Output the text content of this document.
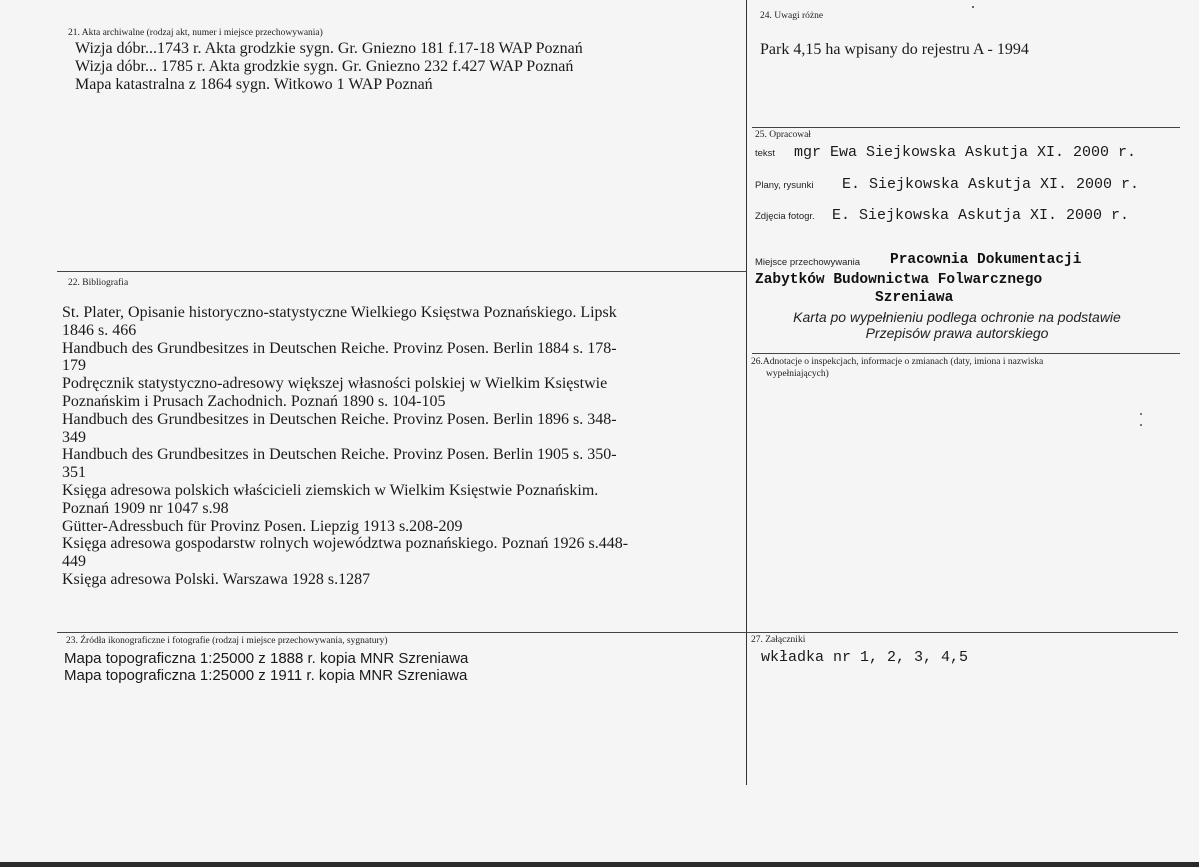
21. Akta archiwalne (rodzaj akt, numer i miejsce przechowywania)
Wizja dóbr...1743 r. Akta grodzkie sygn. Gr. Gniezno 181 f.17-18 WAP Poznań
Wizja dóbr... 1785 r. Akta grodzkie sygn. Gr. Gniezno 232 f.427 WAP Poznań
Mapa katastralna z 1864 sygn. Witkowo 1 WAP Poznań
22. Bibliografia
St. Plater, Opisanie historyczno-statystyczne Wielkiego Księstwa Poznańskiego. Lipsk
1846 s. 466
Handbuch des Grundbesitzes in Deutschen Reiche. Provinz Posen. Berlin 1884 s. 178-
179
Podręcznik statystyczno-adresowy większej własności polskiej w Wielkim Księstwie
Poznańskim i Prusach Zachodnich. Poznań 1890 s. 104-105
Handbuch des Grundbesitzes in Deutschen Reiche. Provinz Posen. Berlin 1896 s. 348-
349
Handbuch des Grundbesitzes in Deutschen Reiche. Provinz Posen. Berlin 1905 s. 350-
351
Księga adresowa polskich właścicieli ziemskich w Wielkim Księstwie Poznańskim.
Poznań 1909 nr 1047 s.98
Gütter-Adressbuch für Provinz Posen. Liepzig 1913 s.208-209
Księga adresowa gospodarstw rolnych województwa poznańskiego. Poznań 1926 s.448-
449
Księga adresowa Polski. Warszawa 1928 s.1287
23. Źródła ikonograficzne i fotografie (rodzaj i miejsce przechowywania, sygnatury)
Mapa topograficzna 1:25000 z 1888 r. kopia MNR Szreniawa
Mapa topograficzna 1:25000 z 1911 r. kopia MNR Szreniawa
24. Uwagi różne
Park 4,15 ha wpisany do rejestru A - 1994
25. Opracował
tekst mgr Ewa Siejkowska Askutja XI. 2000 r.
Plany, rysunki E. Siejkowska Askutja XI. 2000 r.
Zdjęcia fotogr. E. Siejkowska Askutja XI. 2000 r.
Miejsce przechowywania Pracownia Dokumentacji
Zabytków Budownictwa Folwarcznego
Szreniawa
Karta po wypełnieniu podlega ochronie na podstawie
Przepisów prawa autorskiego
26.Adnotacje o inspekcjach, informacje o zmianach (daty, imiona i nazwiska
wypełniających)
27. Załączniki
wkładka nr 1, 2, 3, 4,5
